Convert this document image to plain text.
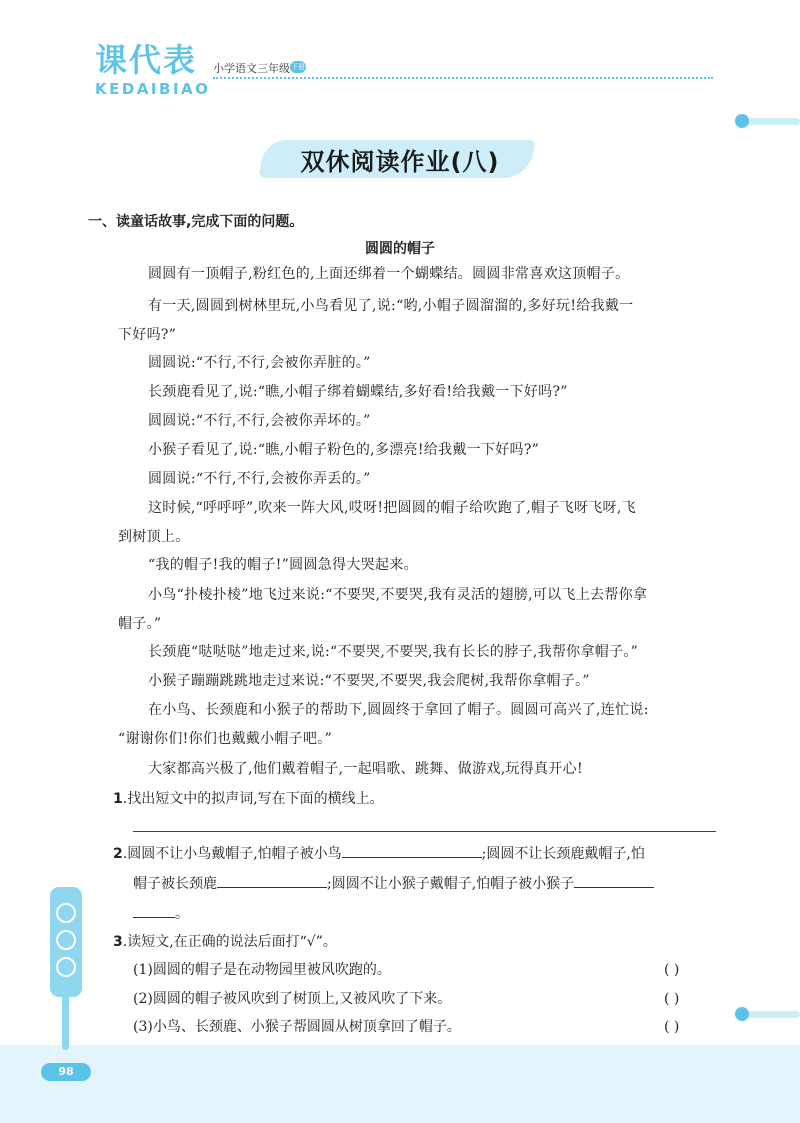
课代表
KEDAIBIAO
小学语文三年级 下册
双休阅读作业(八)
一、读童话故事,完成下面的问题。
圆圆的帽子
圆圆有一顶帽子,粉红色的,上面还绑着一个蝴蝶结。圆圆非常喜欢这顶帽子。
有一天,圆圆到树林里玩,小鸟看见了,说:“哟,小帽子圆溜溜的,多好玩!给我戴一
下好吗?”
圆圆说:“不行,不行,会被你弄脏的。”
长颈鹿看见了,说:“瞧,小帽子绑着蝴蝶结,多好看!给我戴一下好吗?”
圆圆说:“不行,不行,会被你弄坏的。”
小猴子看见了,说:“瞧,小帽子粉色的,多漂亮!给我戴一下好吗?”
圆圆说:“不行,不行,会被你弄丢的。”
这时候,“呼呼呼”,吹来一阵大风,哎呀!把圆圆的帽子给吹跑了,帽子飞呀飞呀,飞
到树顶上。
“我的帽子!我的帽子!”圆圆急得大哭起来。
小鸟“扑棱扑棱”地飞过来说:“不要哭,不要哭,我有灵活的翅膀,可以飞上去帮你拿
帽子。”
长颈鹿“哒哒哒”地走过来,说:“不要哭,不要哭,我有长长的脖子,我帮你拿帽子。”
小猴子蹦蹦跳跳地走过来说:“不要哭,不要哭,我会爬树,我帮你拿帽子。”
在小鸟、长颈鹿和小猴子的帮助下,圆圆终于拿回了帽子。圆圆可高兴了,连忙说:
“谢谢你们!你们也戴戴小帽子吧。”
大家都高兴极了,他们戴着帽子,一起唱歌、跳舞、做游戏,玩得真开心!
1.找出短文中的拟声词,写在下面的横线上。
2.圆圆不让小鸟戴帽子,怕帽子被小鸟	;圆圆不让长颈鹿戴帽子,怕
帽子被长颈鹿	;圆圆不让小猴子戴帽子,怕帽子被小猴子
。
3.读短文,在正确的说法后面打“√”。
(1)圆圆的帽子是在动物园里被风吹跑的。	( )
(2)圆圆的帽子被风吹到了树顶上,又被风吹了下来。	( )
(3)小鸟、长颈鹿、小猴子帮圆圆从树顶拿回了帽子。	( )
98
